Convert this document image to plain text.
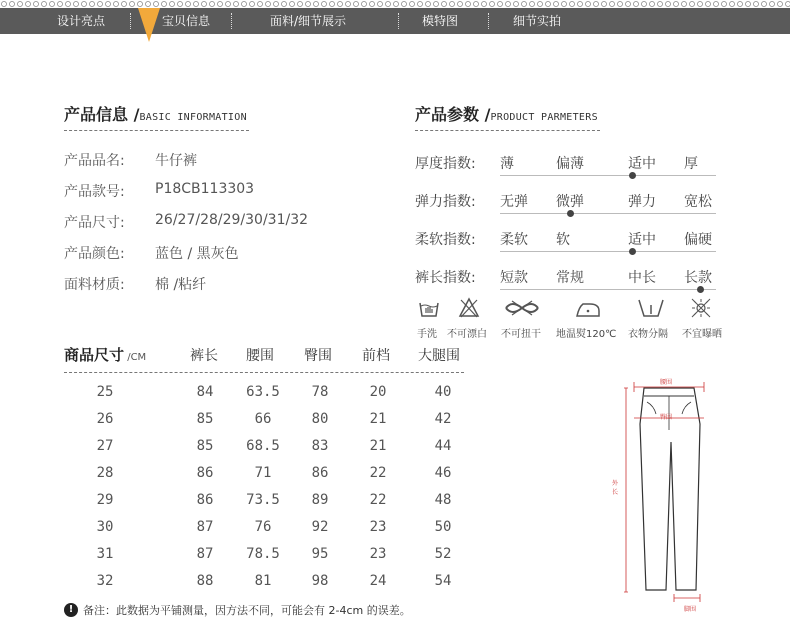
设计亮点	宝贝信息	面料/细节展示	模特图	细节实拍
产品信息 /BASIC INFORMATION
产品品名: 牛仔裤
产品款号: P18CB113303
产品尺寸: 26/27/28/29/30/31/32
产品颜色: 蓝色 / 黑灰色
面料材质: 棉 /粘纤
产品参数 /PRODUCT PARMETERS
厚度指数: 薄	偏薄	适中 厚
弹力指数: 无弹 微弹	弹力 宽松
柔软指数: 柔软 软	适中 偏硬
裤长指数: 短款 常规	中长 长款
手洗 不可漂白 不可扭干 地温熨120℃ 衣物分隔 不宜曝晒
商品尺寸 /CM	裤长 腰围 臀围 前档 大腿围
25	84	63.5	78	20	40
26	85	66	80	21	42
27	85	68.5	83	21	44
28	86	71	86	22	46
29	86	73.5	89	22	48
30	87	76	92	23	50
31	87	78.5	95	23	52
32	88	81	98	24	54
! 备注：此数据为平铺测量，因方法不同，可能会有 2-4cm 的误差。
腰围
臀围
外
长
脚围
